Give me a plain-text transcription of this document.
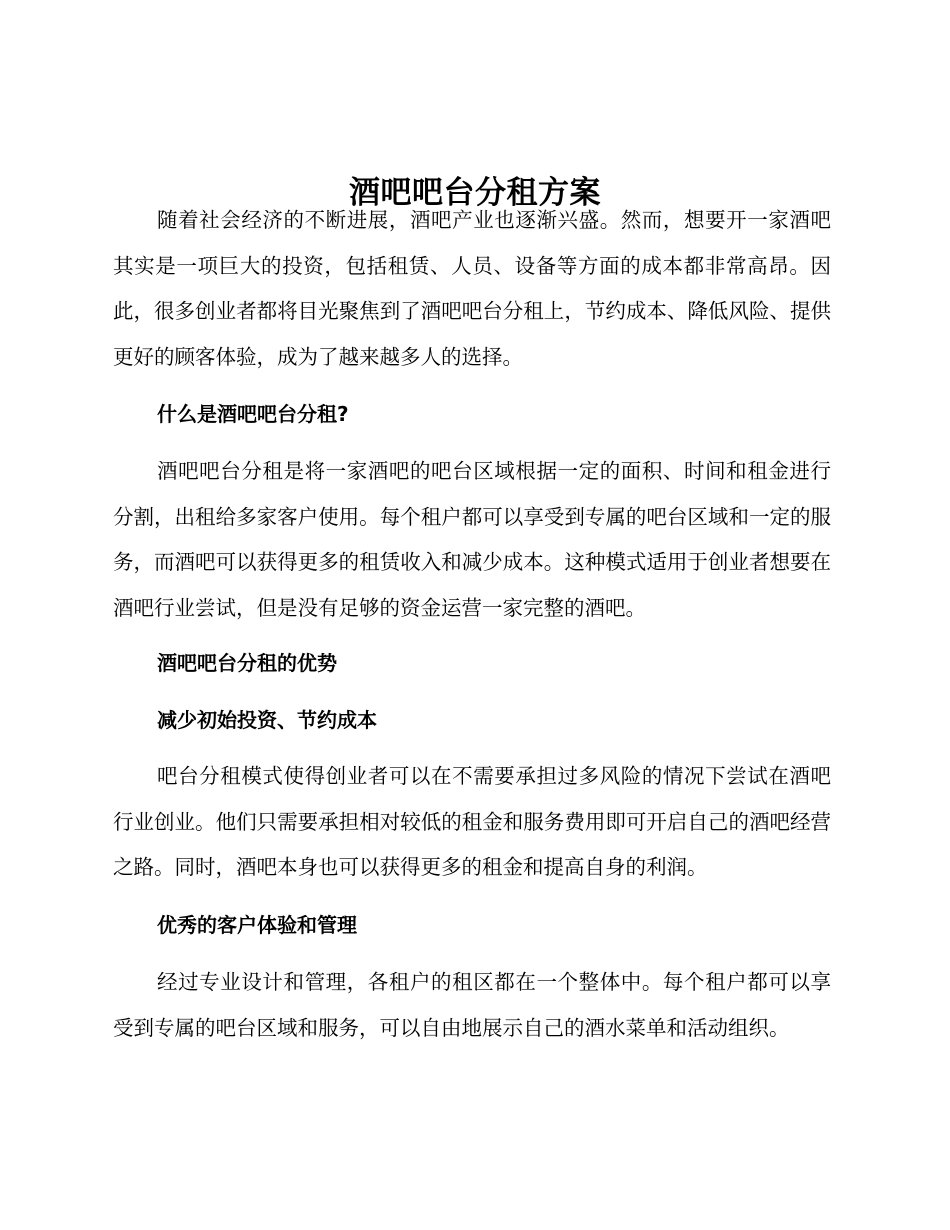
酒吧吧台分租方案

随着社会经济的不断进展，酒吧产业也逐渐兴盛。然而，想要开一家酒吧其实是一项巨大的投资，包括租赁、人员、设备等方面的成本都非常高昂。因此，很多创业者都将目光聚焦到了酒吧吧台分租上，节约成本、降低风险、提供更好的顾客体验，成为了越来越多人的选择。

什么是酒吧吧台分租?

酒吧吧台分租是将一家酒吧的吧台区域根据一定的面积、时间和租金进行分割，出租给多家客户使用。每个租户都可以享受到专属的吧台区域和一定的服务，而酒吧可以获得更多的租赁收入和减少成本。这种模式适用于创业者想要在酒吧行业尝试，但是没有足够的资金运营一家完整的酒吧。

酒吧吧台分租的优势
减少初始投资、节约成本

吧台分租模式使得创业者可以在不需要承担过多风险的情况下尝试在酒吧行业创业。他们只需要承担相对较低的租金和服务费用即可开启自己的酒吧经营之路。同时，酒吧本身也可以获得更多的租金和提高自身的利润。

优秀的客户体验和管理

经过专业设计和管理，各租户的租区都在一个整体中。每个租户都可以享受到专属的吧台区域和服务，可以自由地展示自己的酒水菜单和活动组织。
